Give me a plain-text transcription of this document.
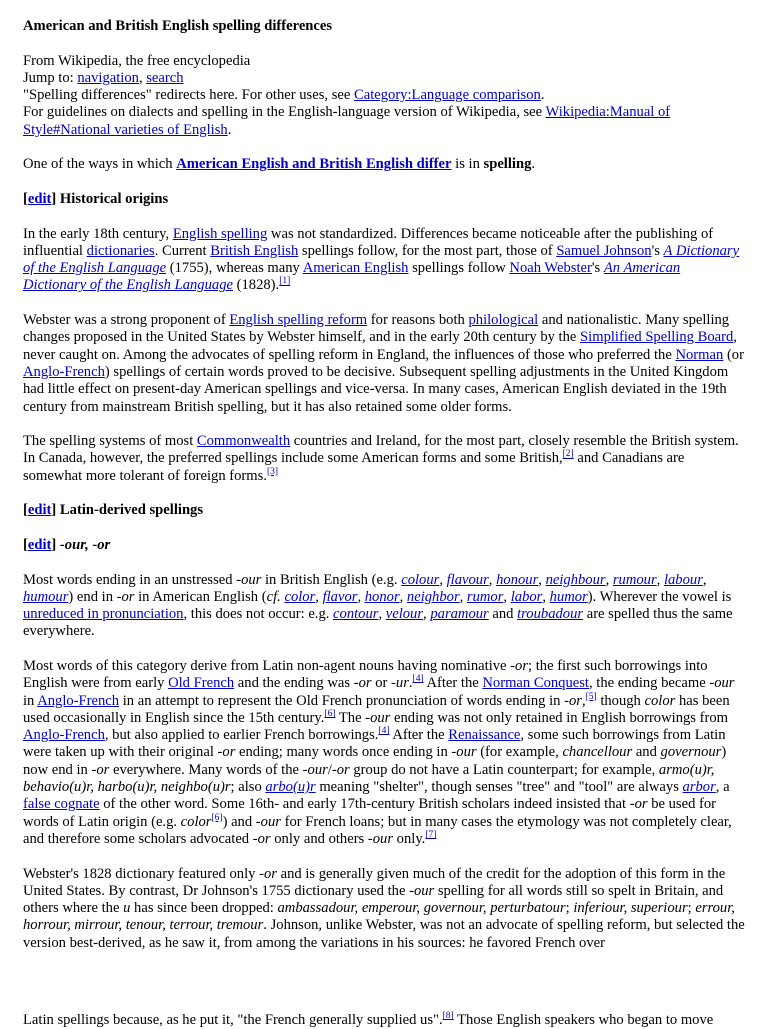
American and British English spelling differences

From Wikipedia, the free encyclopedia
Jump to: navigation, search
"Spelling differences" redirects here. For other uses, see Category:Language comparison.
For guidelines on dialects and spelling in the English-language version of Wikipedia, see Wikipedia:Manual of Style#National varieties of English.

One of the ways in which American English and British English differ is in spelling.

[edit] Historical origins

In the early 18th century, English spelling was not standardized. Differences became noticeable after the publishing of influential dictionaries. Current British English spellings follow, for the most part, those of Samuel Johnson's A Dictionary of the English Language (1755), whereas many American English spellings follow Noah Webster's An American Dictionary of the English Language (1828).[1]

Webster was a strong proponent of English spelling reform for reasons both philological and nationalistic. Many spelling changes proposed in the United States by Webster himself, and in the early 20th century by the Simplified Spelling Board, never caught on. Among the advocates of spelling reform in England, the influences of those who preferred the Norman (or Anglo-French) spellings of certain words proved to be decisive. Subsequent spelling adjustments in the United Kingdom had little effect on present-day American spellings and vice-versa. In many cases, American English deviated in the 19th century from mainstream British spelling, but it has also retained some older forms.

The spelling systems of most Commonwealth countries and Ireland, for the most part, closely resemble the British system. In Canada, however, the preferred spellings include some American forms and some British,[2] and Canadians are somewhat more tolerant of foreign forms.[3]

[edit] Latin-derived spellings
[edit] -our, -or

Most words ending in an unstressed -our in British English (e.g. colour, flavour, honour, neighbour, rumour, labour, humour) end in -or in American English (cf. color, flavor, honor, neighbor, rumor, labor, humor). Wherever the vowel is unreduced in pronunciation, this does not occur: e.g. contour, velour, paramour and troubadour are spelled thus the same everywhere.

Most words of this category derive from Latin non-agent nouns having nominative -or; the first such borrowings into English were from early Old French and the ending was -or or -ur.[4] After the Norman Conquest, the ending became -our in Anglo-French in an attempt to represent the Old French pronunciation of words ending in -or,[5] though color has been used occasionally in English since the 15th century.[6] The -our ending was not only retained in English borrowings from Anglo-French, but also applied to earlier French borrowings.[4] After the Renaissance, some such borrowings from Latin were taken up with their original -or ending; many words once ending in -our (for example, chancellour and governour) now end in -or everywhere. Many words of the -our/-or group do not have a Latin counterpart; for example, armo(u)r, behavio(u)r, harbo(u)r, neighbo(u)r; also arbo(u)r meaning "shelter", though senses "tree" and "tool" are always arbor, a false cognate of the other word. Some 16th- and early 17th-century British scholars indeed insisted that -or be used for words of Latin origin (e.g. color[6]) and -our for French loans; but in many cases the etymology was not completely clear, and therefore some scholars advocated -or only and others -our only.[7]

Webster's 1828 dictionary featured only -or and is generally given much of the credit for the adoption of this form in the United States. By contrast, Dr Johnson's 1755 dictionary used the -our spelling for all words still so spelt in Britain, and others where the u has since been dropped: ambassadour, emperour, governour, perturbatour; inferiour, superiour; errour, horrour, mirrour, tenour, terrour, tremour. Johnson, unlike Webster, was not an advocate of spelling reform, but selected the version best-derived, as he saw it, from among the variations in his sources: he favored French over

Latin spellings because, as he put it, "the French generally supplied us".[8] Those English speakers who began to move
